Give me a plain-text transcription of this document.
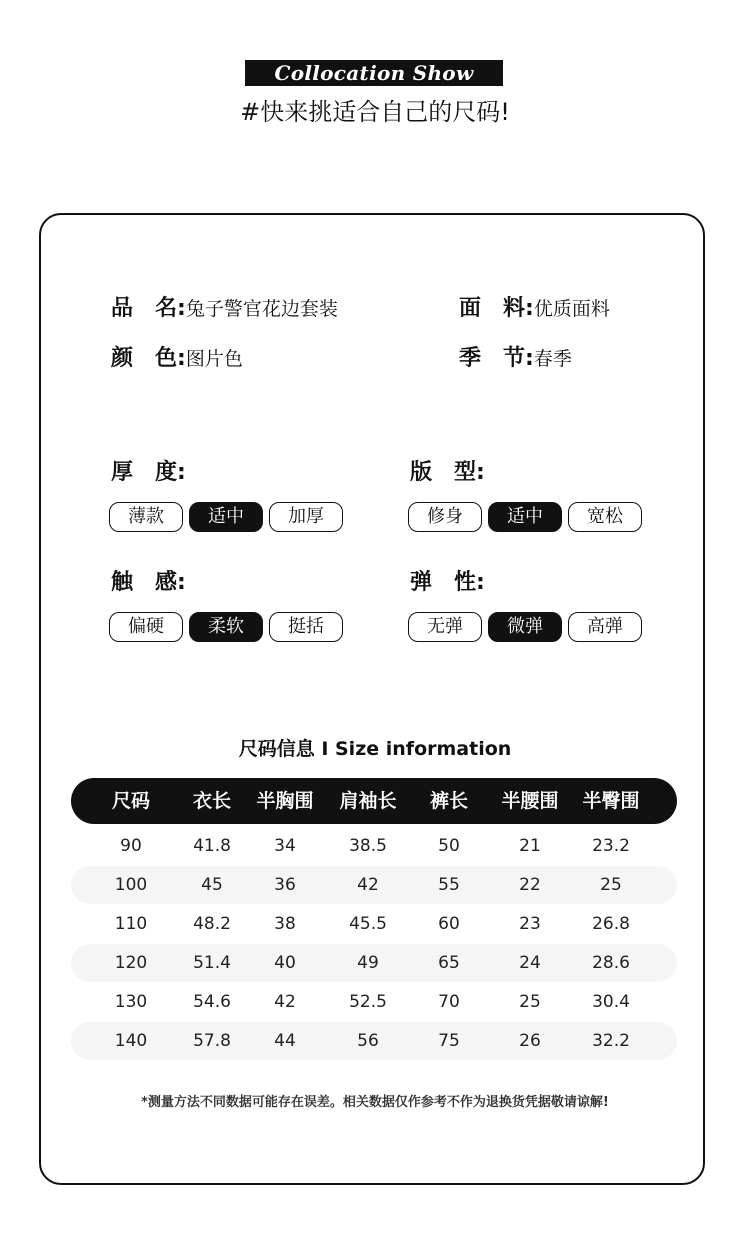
Collocation Show
#快来挑适合自己的尺码!
品　名:兔子警官花边套装	面　料:优质面料
颜　色:图片色	季　节:春季
厚　度:
薄款	适中	加厚
版　型:
修身	适中	宽松
触　感:
偏硬	柔软	挺括
弹　性:
无弹	微弹	高弹
尺码信息 I Size information
尺码 衣长 半胸围 肩袖长 裤长 半腰围 半臀围
90	41.8	34	38.5	50	21	23.2
100	45	36	42	55	22	25
110	48.2	38	45.5	60	23	26.8
120	51.4	40	49	65	24	28.6
130	54.6	42	52.5	70	25	30.4
140	57.8	44	56	75	26	32.2
*测量方法不同数据可能存在误差。相关数据仅作参考不作为退换货凭据敬请谅解!
